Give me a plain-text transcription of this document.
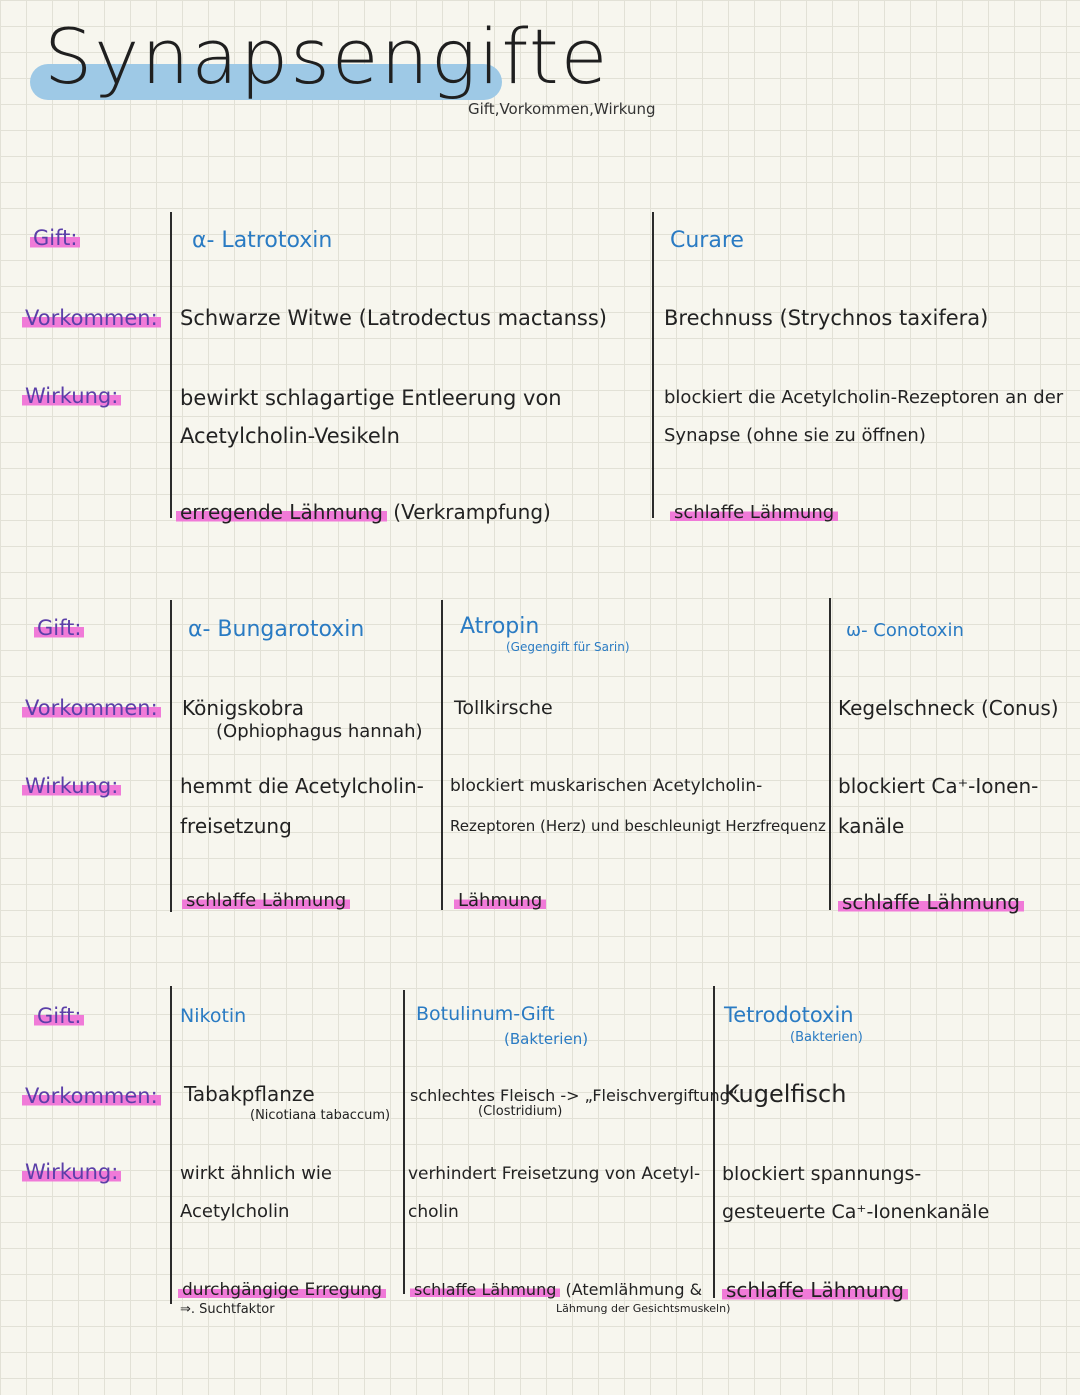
Synapsengifte
Gift,Vorkommen,Wirkung
Gift:
Vorkommen:
Wirkung:
α- Latrotoxin
Schwarze Witwe (Latrodectus mactanss)
bewirkt schlagartige Entleerung von
Acetylcholin-Vesikeln
erregende Lähmung (Verkrampfung)
Curare
Brechnuss (Strychnos taxifera)
blockiert die Acetylcholin-Rezeptoren an der
Synapse (ohne sie zu öffnen)
schlaffe Lähmung
Gift:
Vorkommen:
Wirkung:
α- Bungarotoxin
Königskobra
(Ophiophagus hannah)
hemmt die Acetylcholin-
freisetzung
schlaffe Lähmung
Atropin
(Gegengift für Sarin)
Tollkirsche
blockiert muskarischen Acetylcholin-
Rezeptoren (Herz) und beschleunigt Herzfrequenz
Lähmung
ω- Conotoxin
Kegelschneck (Conus)
blockiert Ca⁺-Ionen-
kanäle
schlaffe Lähmung
Gift:
Vorkommen:
Wirkung:
Nikotin
Tabakpflanze
(Nicotiana tabaccum)
wirkt ähnlich wie
Acetylcholin
durchgängige Erregung
⇒. Suchtfaktor
Botulinum-Gift
(Bakterien)
schlechtes Fleisch -> „Fleischvergiftung“
(Clostridium)
verhindert Freisetzung von Acetyl-
cholin
schlaffe Lähmung (Atemlähmung &
Lähmung der Gesichtsmuskeln)
Tetrodotoxin
(Bakterien)
Kugelfisch
blockiert spannungs-
gesteuerte Ca⁺-Ionenkanäle
schlaffe Lähmung
